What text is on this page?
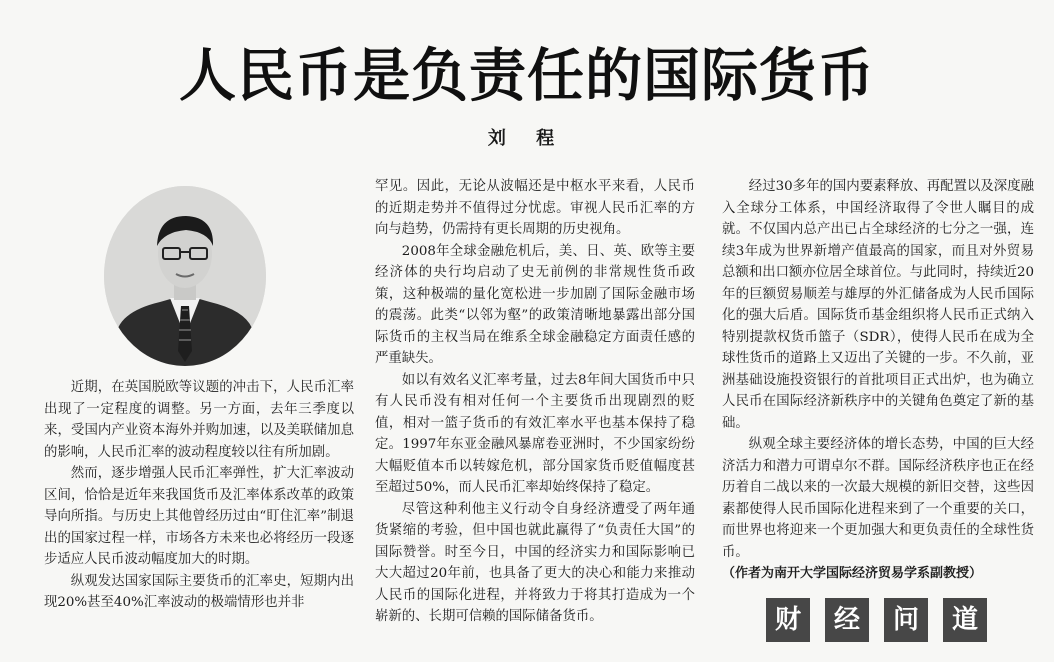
人民币是负责任的国际货币
刘 程

近期，在英国脱欧等议题的冲击下，人民币汇率出现了一定程度的调整。另一方面，去年三季度以来，受国内产业资本海外并购加速，以及美联储加息的影响，人民币汇率的波动程度较以往有所加剧。

然而，逐步增强人民币汇率弹性，扩大汇率波动区间，恰恰是近年来我国货币及汇率体系改革的政策导向所指。与历史上其他曾经历过由“盯住汇率”制退出的国家过程一样，市场各方未来也必将经历一段逐步适应人民币波动幅度加大的时期。

纵观发达国家国际主要货币的汇率史，短期内出现20%甚至40%汇率波动的极端情形也并非

罕见。因此，无论从波幅还是中枢水平来看，人民币的近期走势并不值得过分忧虑。审视人民币汇率的方向与趋势，仍需持有更长周期的历史视角。

2008年全球金融危机后，美、日、英、欧等主要经济体的央行均启动了史无前例的非常规性货币政策，这种极端的量化宽松进一步加剧了国际金融市场的震荡。此类“以邻为壑”的政策清晰地暴露出部分国际货币的主权当局在维系全球金融稳定方面责任感的严重缺失。

如以有效名义汇率考量，过去8年间大国货币中只有人民币没有相对任何一个主要货币出现剧烈的贬值，相对一篮子货币的有效汇率水平也基本保持了稳定。1997年东亚金融风暴席卷亚洲时，不少国家纷纷大幅贬值本币以转嫁危机，部分国家货币贬值幅度甚至超过50%，而人民币汇率却始终保持了稳定。

尽管这种利他主义行动令自身经济遭受了两年通货紧缩的考验，但中国也就此赢得了“负责任大国”的国际赞誉。时至今日，中国的经济实力和国际影响已大大超过20年前，也具备了更大的决心和能力来推动人民币的国际化进程，并将致力于将其打造成为一个崭新的、长期可信赖的国际储备货币。

经过30多年的国内要素释放、再配置以及深度融入全球分工体系，中国经济取得了令世人瞩目的成就。不仅国内总产出已占全球经济的七分之一强，连续3年成为世界新增产值最高的国家，而且对外贸易总额和出口额亦位居全球首位。与此同时，持续近20年的巨额贸易顺差与雄厚的外汇储备成为人民币国际化的强大后盾。国际货币基金组织将人民币正式纳入特别提款权货币篮子（SDR），使得人民币在成为全球性货币的道路上又迈出了关键的一步。不久前，亚洲基础设施投资银行的首批项目正式出炉，也为确立人民币在国际经济新秩序中的关键角色奠定了新的基础。

纵观全球主要经济体的增长态势，中国的巨大经济活力和潜力可谓卓尔不群。国际经济秩序也正在经历着自二战以来的一次最大规模的新旧交替，这些因素都使得人民币国际化进程来到了一个重要的关口，而世界也将迎来一个更加强大和更负责任的全球性货币。

（作者为南开大学国际经济贸易学系副教授）

财	经	问	道
